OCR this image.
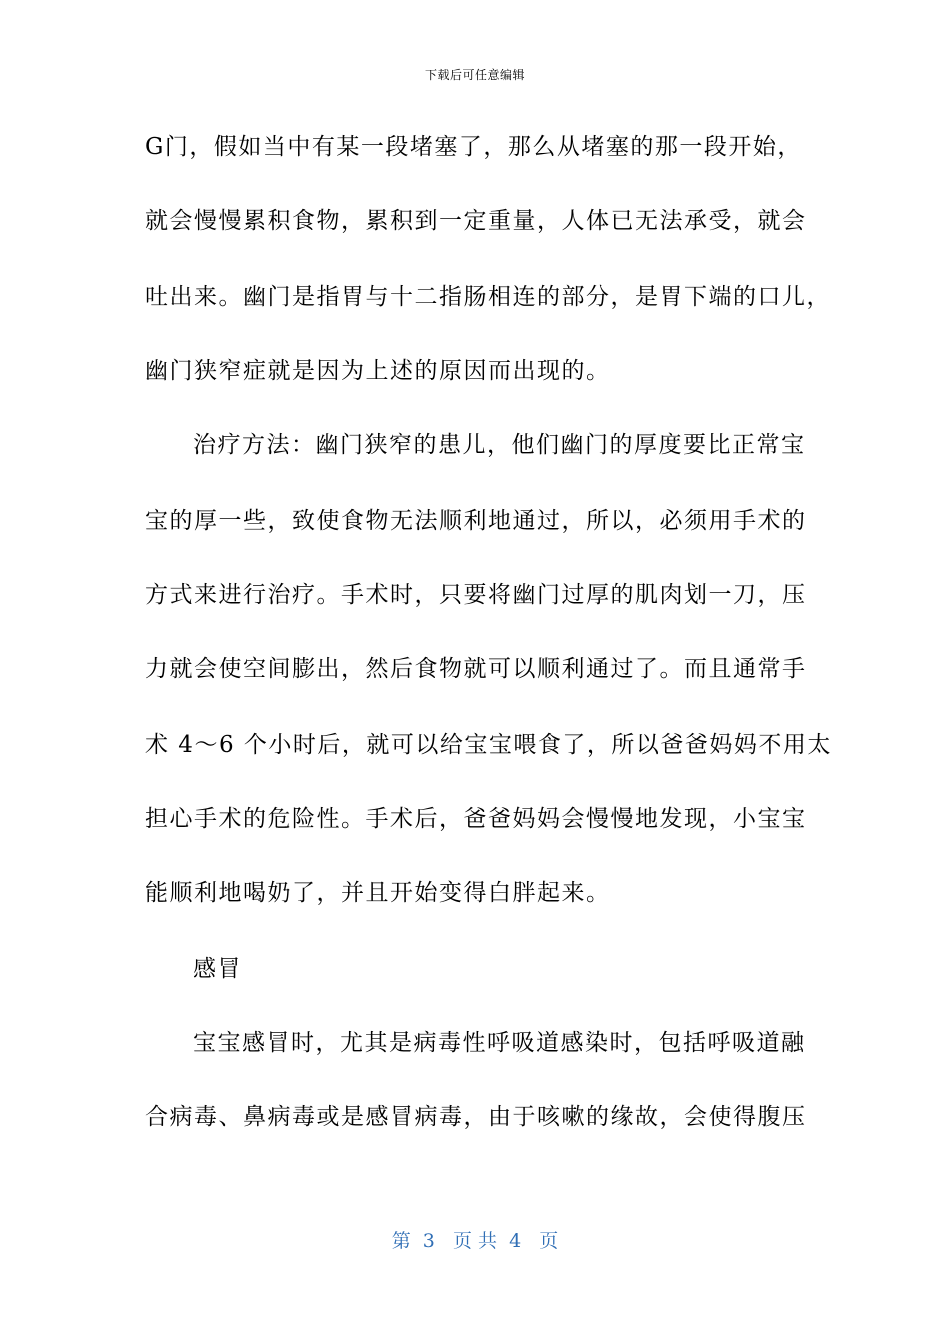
下载后可任意编辑
G门，假如当中有某一段堵塞了，那么从堵塞的那一段开始，
就会慢慢累积食物，累积到一定重量，人体已无法承受，就会
吐出来。幽门是指胃与十二指肠相连的部分，是胃下端的口儿，
幽门狭窄症就是因为上述的原因而出现的。
治疗方法：幽门狭窄的患儿，他们幽门的厚度要比正常宝
宝的厚一些，致使食物无法顺利地通过，所以，必须用手术的
方式来进行治疗。手术时，只要将幽门过厚的肌肉划一刀，压
力就会使空间膨出，然后食物就可以顺利通过了。而且通常手
术 4～6 个小时后，就可以给宝宝喂食了，所以爸爸妈妈不用太
担心手术的危险性。手术后，爸爸妈妈会慢慢地发现，小宝宝
能顺利地喝奶了，并且开始变得白胖起来。
感冒
宝宝感冒时，尤其是病毒性呼吸道感染时，包括呼吸道融
合病毒、鼻病毒或是感冒病毒，由于咳嗽的缘故，会使得腹压
第  3   页 共  4   页
